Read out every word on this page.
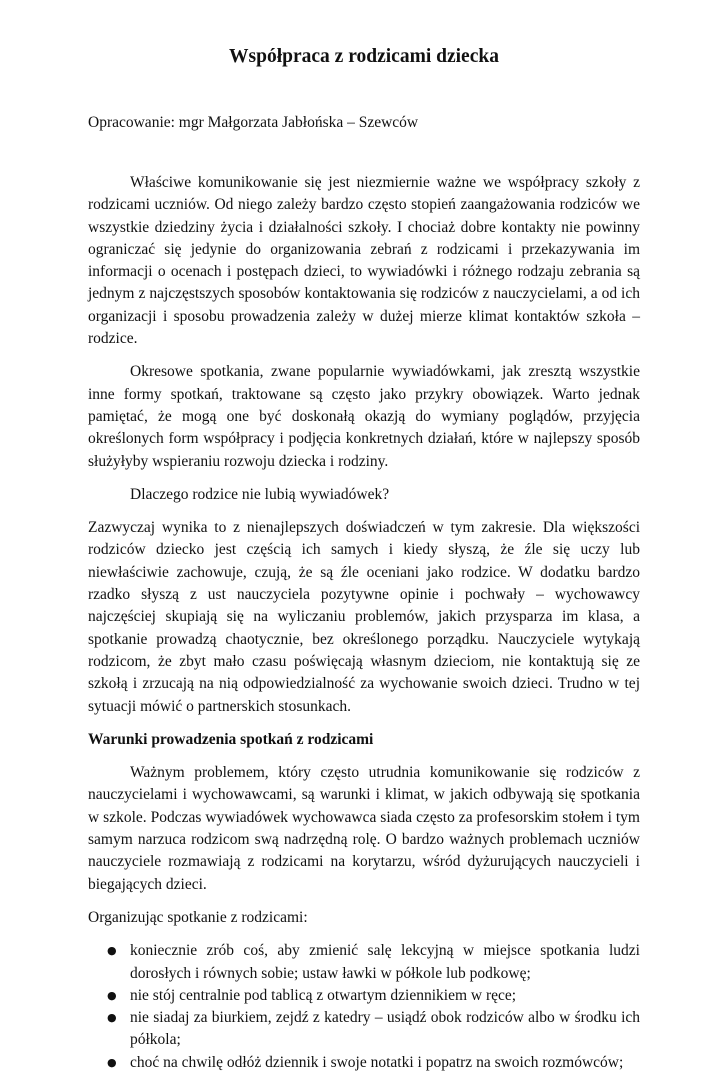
Współpraca z rodzicami dziecka

Opracowanie: mgr Małgorzata Jabłońska – Szewców

Właściwe komunikowanie się jest niezmiernie ważne we współpracy szkoły z rodzicami uczniów. Od niego zależy bardzo często stopień zaangażowania rodziców we wszystkie dziedziny życia i działalności szkoły. I chociaż dobre kontakty nie powinny ograniczać się jedynie do organizowania zebrań z rodzicami i przekazywania im informacji o ocenach i postępach dzieci, to wywiadówki i różnego rodzaju zebrania są jednym z najczęstszych sposobów kontaktowania się rodziców z nauczycielami, a od ich organizacji i sposobu prowadzenia zależy w dużej mierze klimat kontaktów szkoła – rodzice.

Okresowe spotkania, zwane popularnie wywiadówkami, jak zresztą wszystkie inne formy spotkań, traktowane są często jako przykry obowiązek. Warto jednak pamiętać, że mogą one być doskonałą okazją do wymiany poglądów, przyjęcia określonych form współpracy i podjęcia konkretnych działań, które w najlepszy sposób służyłyby wspieraniu rozwoju dziecka i rodziny.

Dlaczego rodzice nie lubią wywiadówek?

Zazwyczaj wynika to z nienajlepszych doświadczeń w tym zakresie. Dla większości rodziców dziecko jest częścią ich samych i kiedy słyszą, że źle się uczy lub niewłaściwie zachowuje, czują, że są źle oceniani jako rodzice. W dodatku bardzo rzadko słyszą z ust nauczyciela pozytywne opinie i pochwały – wychowawcy najczęściej skupiają się na wyliczaniu problemów, jakich przysparza im klasa, a spotkanie prowadzą chaotycznie, bez określonego porządku. Nauczyciele wytykają rodzicom, że zbyt mało czasu poświęcają własnym dzieciom, nie kontaktują się ze szkołą i zrzucają na nią odpowiedzialność za wychowanie swoich dzieci. Trudno w tej sytuacji mówić o partnerskich stosunkach.

Warunki prowadzenia spotkań z rodzicami

Ważnym problemem, który często utrudnia komunikowanie się rodziców z nauczycielami i wychowawcami, są warunki i klimat, w jakich odbywają się spotkania w szkole. Podczas wywiadówek wychowawca siada często za profesorskim stołem i tym samym narzuca rodzicom swą nadrzędną rolę. O bardzo ważnych problemach uczniów nauczyciele rozmawiają z rodzicami na korytarzu, wśród dyżurujących nauczycieli i biegających dzieci.

Organizując spotkanie z rodzicami:

● koniecznie zrób coś, aby zmienić salę lekcyjną w miejsce spotkania ludzi dorosłych i równych sobie; ustaw ławki w półkole lub podkowę;
● nie stój centralnie pod tablicą z otwartym dziennikiem w ręce;
● nie siadaj za biurkiem, zejdź z katedry – usiądź obok rodziców albo w środku ich półkola;
● choć na chwilę odłóż dziennik i swoje notatki i popatrz na swoich rozmówców;
